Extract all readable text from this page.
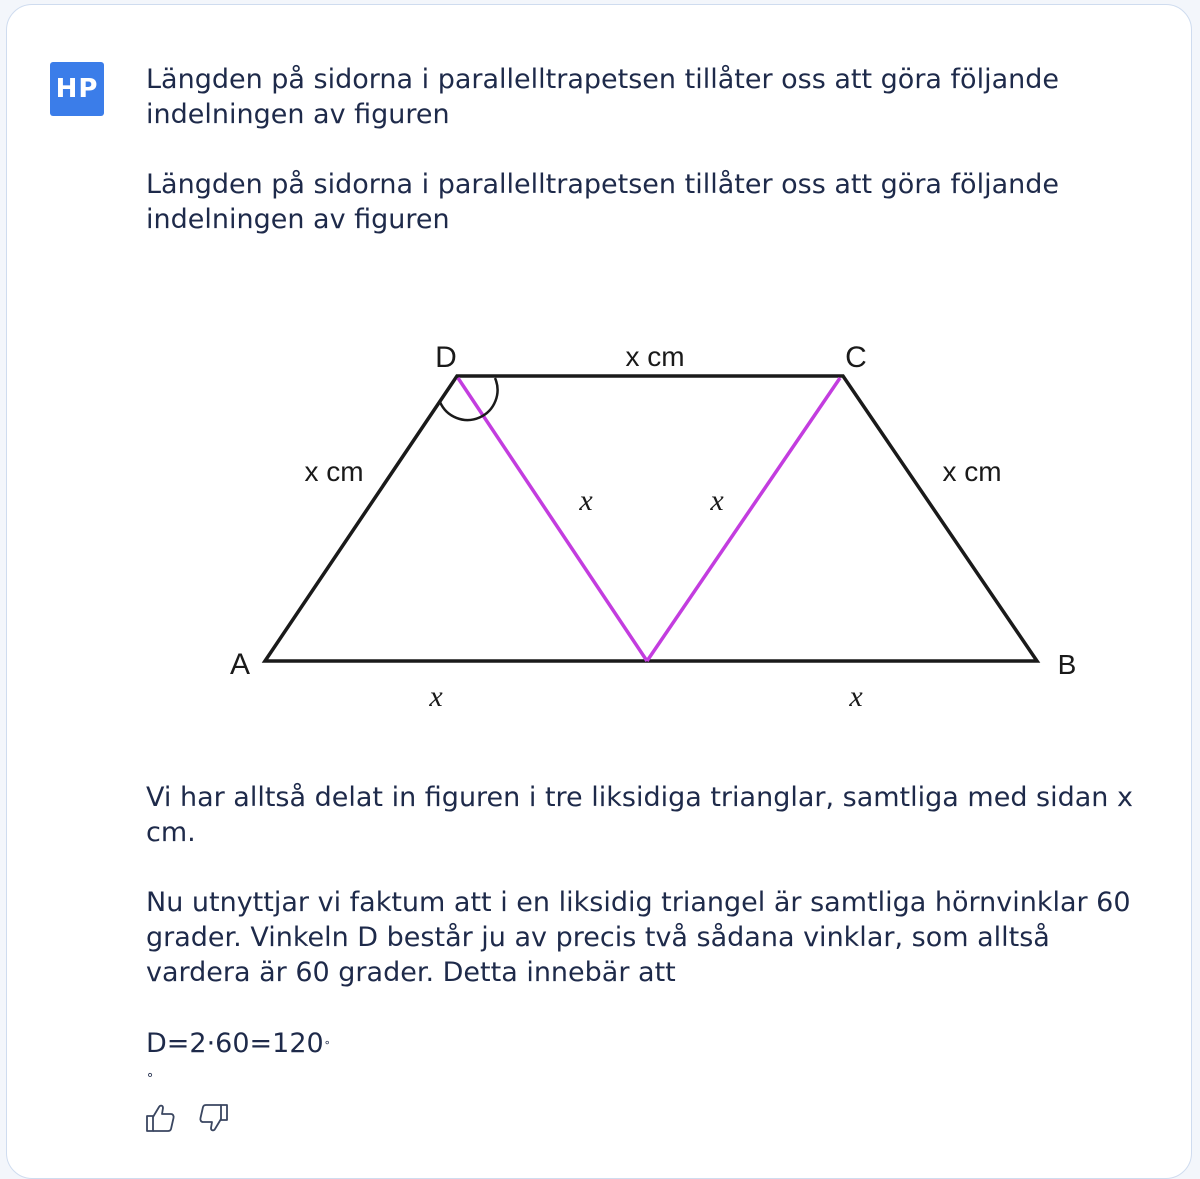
HP Längden på sidorna i parallelltrapetsen tillåter oss att göra följande indelningen av figuren

Längden på sidorna i parallelltrapetsen tillåter oss att göra följande indelningen av figuren

D	C
A	B
x cm
x cm	x cm
x	x
x	x

Vi har alltså delat in figuren i tre liksidiga trianglar, samtliga med sidan x cm.

Nu utnyttjar vi faktum att i en liksidig triangel är samtliga hörnvinklar 60 grader. Vinkeln D består ju av precis två sådana vinklar, som alltså vardera är 60 grader. Detta innebär att

D=2·60=120∘
∘
